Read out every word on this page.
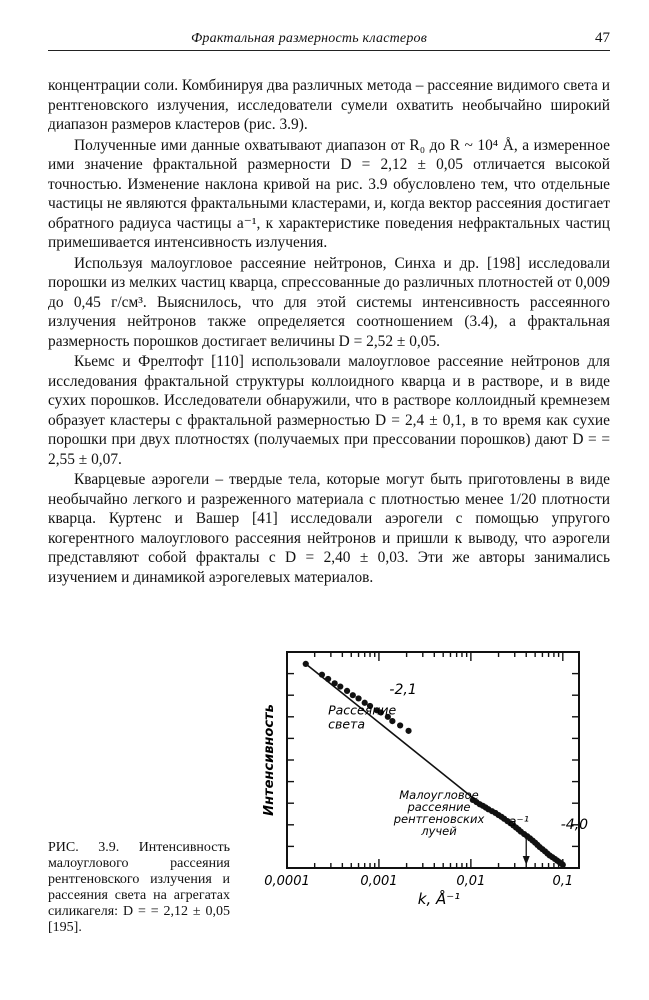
Фрактальная размерность кластеров	47

концентрации соли. Комбинируя два различных метода – рассеяние видимого света и рентгеновского излучения, исследователи сумели охватить необычайно широкий диапазон размеров кластеров (рис. 3.9).

Полученные ими данные охватывают диапазон от R₀ до R ~ 10⁴ Å, а измеренное ими значение фрактальной размерности D = 2,12 ± 0,05 отличается высокой точностью. Изменение наклона кривой на рис. 3.9 обусловлено тем, что отдельные частицы не являются фрактальными кластерами, и, когда вектор рассеяния достигает обратного радиуса частицы a⁻¹, к характеристике поведения нефрактальных частиц примешивается интенсивность излучения.

Используя малоугловое рассеяние нейтронов, Синха и др. [198] исследовали порошки из мелких частиц кварца, спрессованные до различных плотностей от 0,009 до 0,45 г/см³. Выяснилось, что для этой системы интенсивность рассеянного излучения нейтронов также определяется соотношением (3.4), а фрактальная размерность порошков достигает величины D = 2,52 ± 0,05.

Кьемс и Фрелтофт [110] использовали малоугловое рассеяние нейтронов для исследования фрактальной структуры коллоидного кварца и в растворе, и в виде сухих порошков. Исследователи обнаружили, что в растворе коллоидный кремнезем образует кластеры с фрактальной размерностью D = 2,4 ± 0,1, в то время как сухие порошки при двух плотностях (получаемых при прессовании порошков) дают D = = 2,55 ± 0,07.

Кварцевые аэрогели – твердые тела, которые могут быть приготовлены в виде необычайно легкого и разреженного материала с плотностью менее 1/20 плотности кварца. Куртенс и Вашер [41] исследовали аэрогели с помощью упругого когерентного малоуглового рассеяния нейтронов и пришли к выводу, что аэрогели представляют собой фракталы с D = 2,40 ± 0,03. Эти же авторы занимались изучением и динамикой аэрогелевых материалов.

РИС. 3.9. Интенсивность малоуглового рассеяния рентгеновского излучения и рассеяния света на агрегатах силикагеля: D = = 2,12 ± 0,05 [195].
0,0001	0,001	0,01	0,1
k, Å⁻¹
Интенсивность
-2,1
-4,0
Рассеяние
света
Малоугловое
рассеяние
рентгеновских
лучей
a⁻¹
